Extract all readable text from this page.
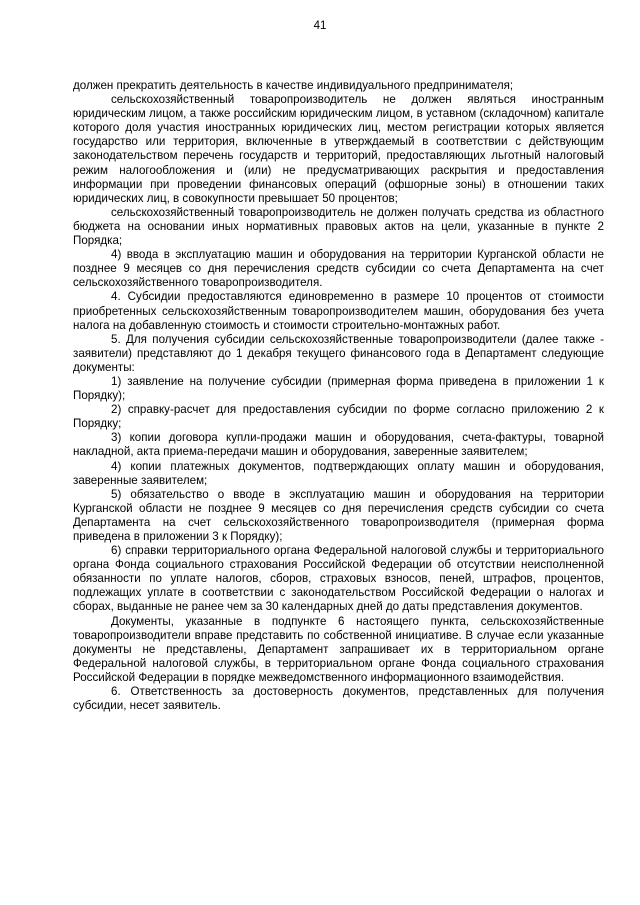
41

должен прекратить деятельность в качестве индивидуального предпринимателя;

сельскохозяйственный товаропроизводитель не должен являться иностранным юридическим лицом, а также российским юридическим лицом, в уставном (складочном) капитале которого доля участия иностранных юридических лиц, местом регистрации которых является государство или территория, включенные в утверждаемый в соответствии с действующим законодательством перечень государств и территорий, предоставляющих льготный налоговый режим налогообложения и (или) не предусматривающих раскрытия и предоставления информации при проведении финансовых операций (офшорные зоны) в отношении таких юридических лиц, в совокупности превышает 50 процентов;

сельскохозяйственный товаропроизводитель не должен получать средства из областного бюджета на основании иных нормативных правовых актов на цели, указанные в пункте 2 Порядка;

4) ввода в эксплуатацию машин и оборудования на территории Курганской области не позднее 9 месяцев со дня перечисления средств субсидии со счета Департамента на счет сельскохозяйственного товаропроизводителя.

4. Субсидии предоставляются единовременно в размере 10 процентов от стоимости приобретенных сельскохозяйственным товаропроизводителем машин, оборудования без учета налога на добавленную стоимость и стоимости строительно-монтажных работ.

5. Для получения субсидии сельскохозяйственные товаропроизводители (далее также - заявители) представляют до 1 декабря текущего финансового года в Департамент следующие документы:

1) заявление на получение субсидии (примерная форма приведена в приложении 1 к Порядку);

2) справку-расчет для предоставления субсидии по форме согласно приложению 2 к Порядку;

3) копии договора купли-продажи машин и оборудования, счета-фактуры, товарной накладной, акта приема-передачи машин и оборудования, заверенные заявителем;

4) копии платежных документов, подтверждающих оплату машин и оборудования, заверенные заявителем;

5) обязательство о вводе в эксплуатацию машин и оборудования на территории Курганской области не позднее 9 месяцев со дня перечисления средств субсидии со счета Департамента на счет сельскохозяйственного товаропроизводителя (примерная форма приведена в приложении 3 к Порядку);

6) справки территориального органа Федеральной налоговой службы и территориального органа Фонда социального страхования Российской Федерации об отсутствии неисполненной обязанности по уплате налогов, сборов, страховых взносов, пеней, штрафов, процентов, подлежащих уплате в соответствии с законодательством Российской Федерации о налогах и сборах, выданные не ранее чем за 30 календарных дней до даты представления документов.

Документы, указанные в подпункте 6 настоящего пункта, сельскохозяйственные товаропроизводители вправе представить по собственной инициативе. В случае если указанные документы не представлены, Департамент запрашивает их в территориальном органе Федеральной налоговой службы, в территориальном органе Фонда социального страхования Российской Федерации в порядке межведомственного информационного взаимодействия.

6. Ответственность за достоверность документов, представленных для получения субсидии, несет заявитель.
